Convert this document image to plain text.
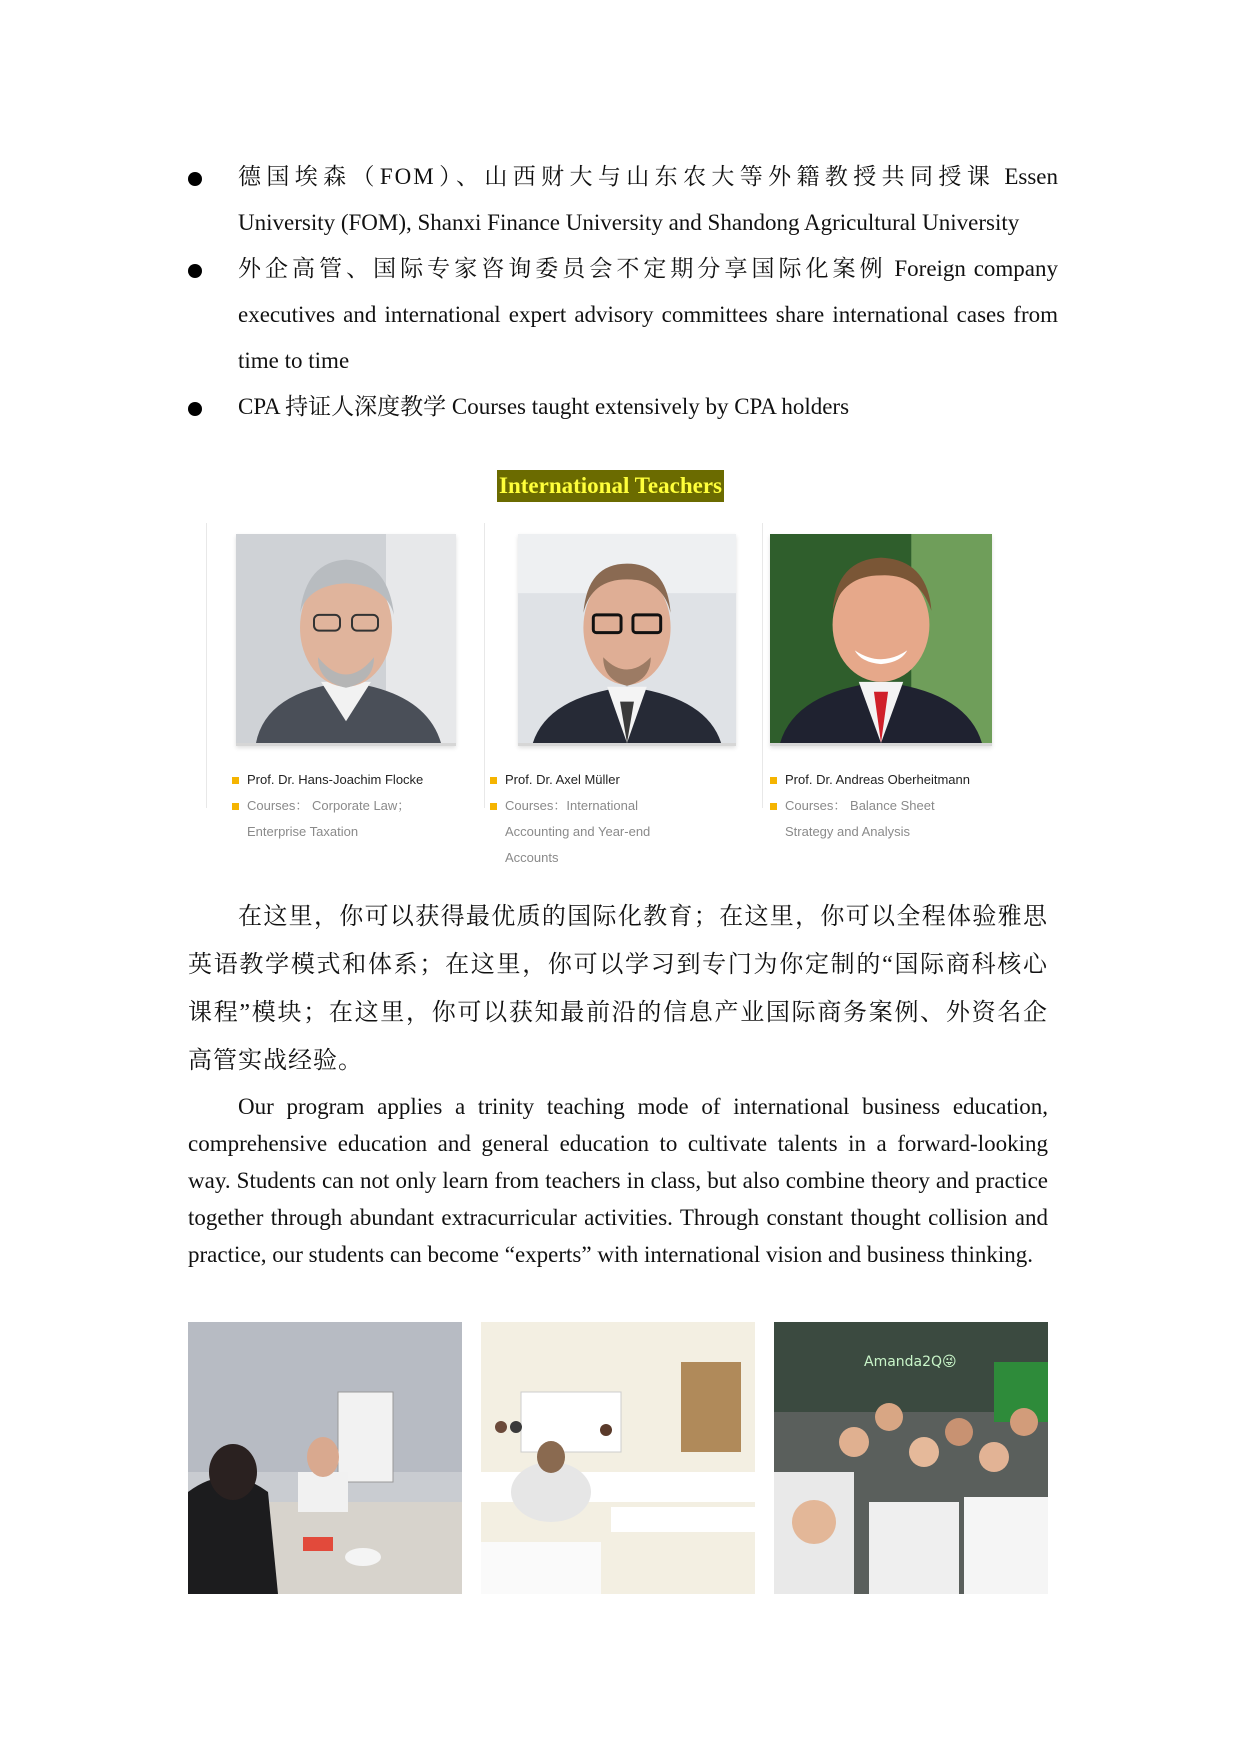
德国埃森（FOM）、山西财大与山东农大等外籍教授共同授课 Essen University (FOM), Shanxi Finance University and Shandong Agricultural University
外企高管、国际专家咨询委员会不定期分享国际化案例 Foreign company executives and international expert advisory committees share international cases from time to time
CPA 持证人深度教学 Courses taught extensively by CPA holders
International Teachers
Prof. Dr. Hans-Joachim Flocke
Courses： Corporate Law；Enterprise Taxation
Prof. Dr. Axel Müller
Courses：International Accounting and Year-end Accounts
Prof. Dr. Andreas Oberheitmann
Courses： Balance Sheet Strategy and Analysis

在这里，你可以获得最优质的国际化教育；在这里，你可以全程体验雅思英语教学模式和体系；在这里，你可以学习到专门为你定制的“国际商科核心课程”模块；在这里，你可以获知最前沿的信息产业国际商务案例、外资名企高管实战经验。

Our program applies a trinity teaching mode of international business education, comprehensive education and general education to cultivate talents in a forward-looking way. Students can not only learn from teachers in class, but also combine theory and practice together through abundant extracurricular activities. Through constant thought collision and practice, our students can become “experts” with international vision and business thinking.

Amanda2Q😜
